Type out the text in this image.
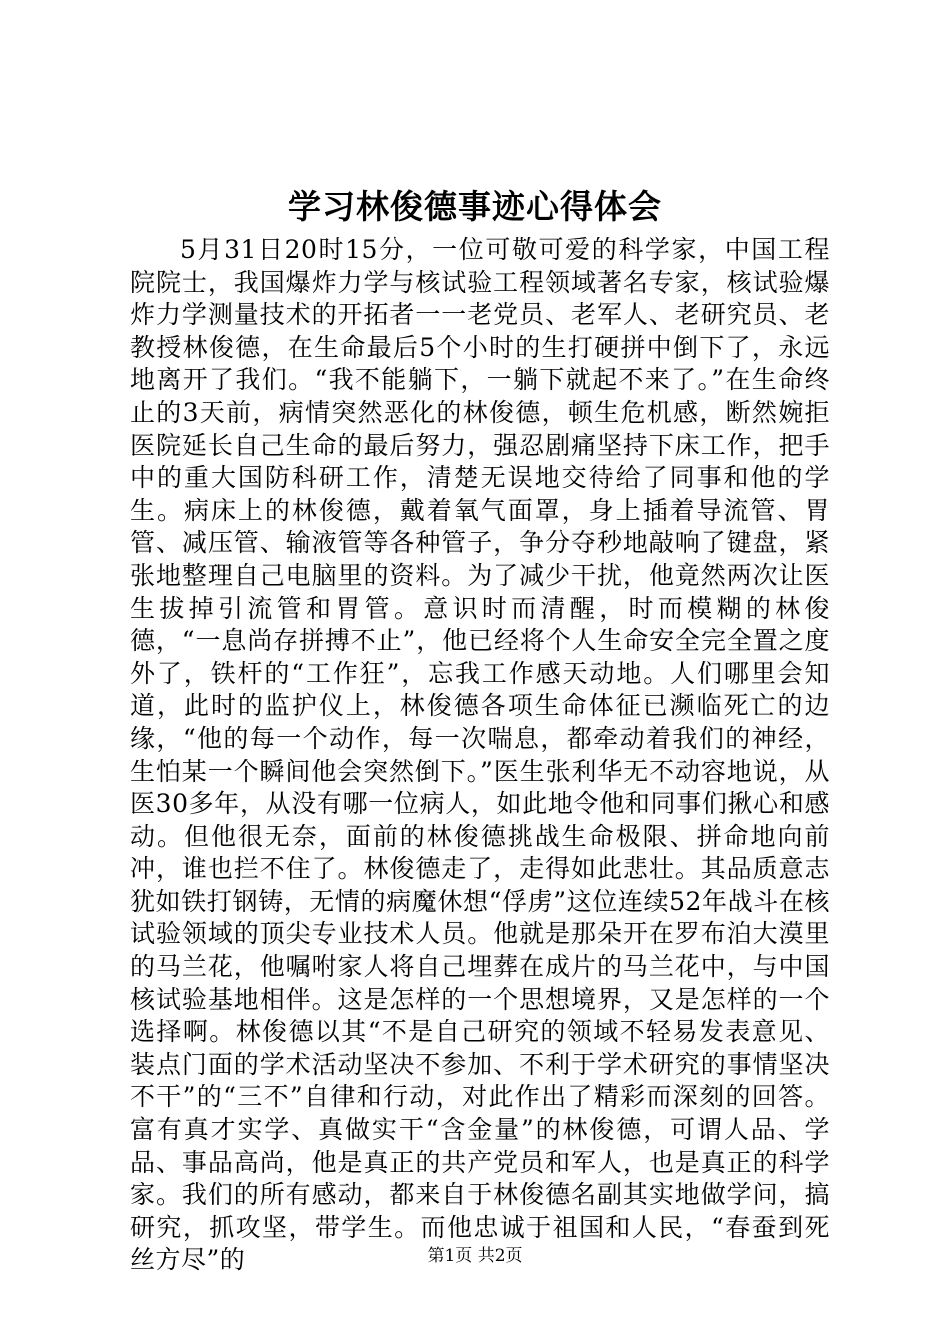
学习林俊德事迹心得体会

5月31日20时15分，一位可敬可爱的科学家，中国工程院院士，我国爆炸力学与核试验工程领域著名专家，核试验爆炸力学测量技术的开拓者一一老党员、老军人、老研究员、老教授林俊德，在生命最后5个小时的生打硬拼中倒下了，永远地离开了我们。“我不能躺下，一躺下就起不来了。”在生命终止的3天前，病情突然恶化的林俊德，顿生危机感，断然婉拒医院延长自己生命的最后努力，强忍剧痛坚持下床工作，把手中的重大国防科研工作，清楚无误地交待给了同事和他的学生。病床上的林俊德，戴着氧气面罩，身上插着导流管、胃管、减压管、输液管等各种管子，争分夺秒地敲响了键盘，紧张地整理自己电脑里的资料。为了减少干扰，他竟然两次让医生拔掉引流管和胃管。意识时而清醒，时而模糊的林俊德，“一息尚存拼搏不止”，他已经将个人生命安全完全置之度外了，铁杆的“工作狂”，忘我工作感天动地。人们哪里会知道，此时的监护仪上，林俊德各项生命体征已濒临死亡的边缘，“他的每一个动作，每一次喘息，都牵动着我们的神经，生怕某一个瞬间他会突然倒下。”医生张利华无不动容地说，从医30多年，从没有哪一位病人，如此地令他和同事们揪心和感动。但他很无奈，面前的林俊德挑战生命极限、拼命地向前冲，谁也拦不住了。林俊德走了，走得如此悲壮。其品质意志犹如铁打钢铸，无情的病魔休想“俘虏”这位连续52年战斗在核试验领域的顶尖专业技术人员。他就是那朵开在罗布泊大漠里的马兰花，他嘱咐家人将自己埋葬在成片的马兰花中，与中国核试验基地相伴。这是怎样的一个思想境界，又是怎样的一个选择啊。林俊德以其“不是自己研究的领域不轻易发表意见、装点门面的学术活动坚决不参加、不利于学术研究的事情坚决不干”的“三不”自律和行动，对此作出了精彩而深刻的回答。富有真才实学、真做实干“含金量”的林俊德，可谓人品、学品、事品高尚，他是真正的共产党员和军人，也是真正的科学家。我们的所有感动，都来自于林俊德名副其实地做学问，搞研究，抓攻坚，带学生。而他忠诚于祖国和人民，“春蚕到死丝方尽”的	第1页 共2页
